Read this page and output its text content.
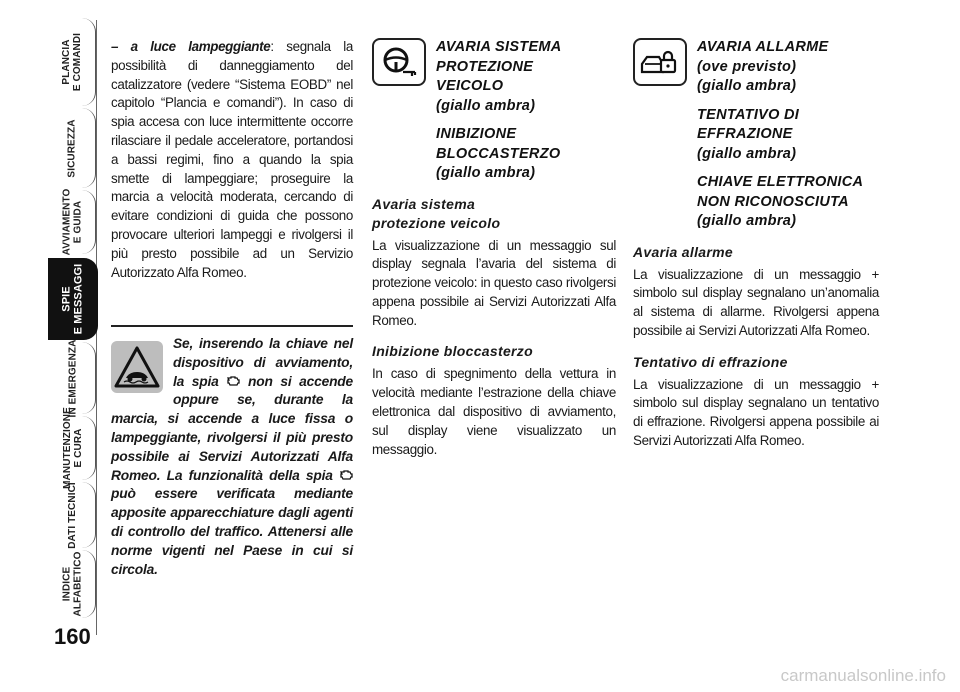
PLANCIA
E COMANDI
SICUREZZA
AVVIAMENTO
E GUIDA
SPIE
E MESSAGGI
IN EMERGENZA
MANUTENZIONE
E CURA
DATI TECNICI
INDICE
ALFABETICO
160

– a luce lampeggiante: segnala la possibilità di danneggiamento del catalizzatore (vedere “Sistema EOBD” nel capitolo “Plancia e comandi”). In caso di spia accesa con luce intermittente occorre rilasciare il pedale acceleratore, portandosi a bassi regimi, fino a quando la spia smette di lampeggiare; proseguire la marcia a velocità moderata, cercando di evitare condizioni di guida che possono provocare ulteriori lampeggi e rivolgersi il più presto possibile ad un Servizio Autorizzato Alfa Romeo.

Se, inserendo la chiave nel dispositivo di avviamento, la spia  non si accende oppure se, durante la marcia, si accende a luce fissa o lampeggiante, rivolgersi il più presto possibile ai Servizi Autorizzati Alfa Romeo. La funzionalità della spia  può essere verificata mediante apposite apparecchiature dagli agenti di controllo del traffico. Attenersi alle norme vigenti nel Paese in cui si circola.

AVARIA SISTEMA
PROTEZIONE
VEICOLO
(giallo ambra)
INIBIZIONE
BLOCCASTERZO
(giallo ambra)
Avaria sistema
protezione veicolo

La visualizzazione di un messaggio sul display segnala l’avaria del sistema di protezione veicolo: in questo caso rivolgersi appena possibile ai Servizi Autorizzati Alfa Romeo.

Inibizione bloccasterzo

In caso di spegnimento della vettura in velocità mediante l’estrazione della chiave elettronica dal dispositivo di avviamento, sul display viene visualizzato un messaggio.

AVARIA ALLARME
(ove previsto)
(giallo ambra)
TENTATIVO DI
EFFRAZIONE
(giallo ambra)
CHIAVE ELETTRONICA
NON RICONOSCIUTA
(giallo ambra)
Avaria allarme

La visualizzazione di un messaggio + simbolo sul display segnalano un’anomalia al sistema di allarme. Rivolgersi appena possibile ai Servizi Autorizzati Alfa Romeo.

Tentativo di effrazione

La visualizzazione di un messaggio + simbolo sul display segnalano un tentativo di effrazione. Rivolgersi appena possibile ai Servizi Autorizzati Alfa Romeo.

carmanualsonline.info
